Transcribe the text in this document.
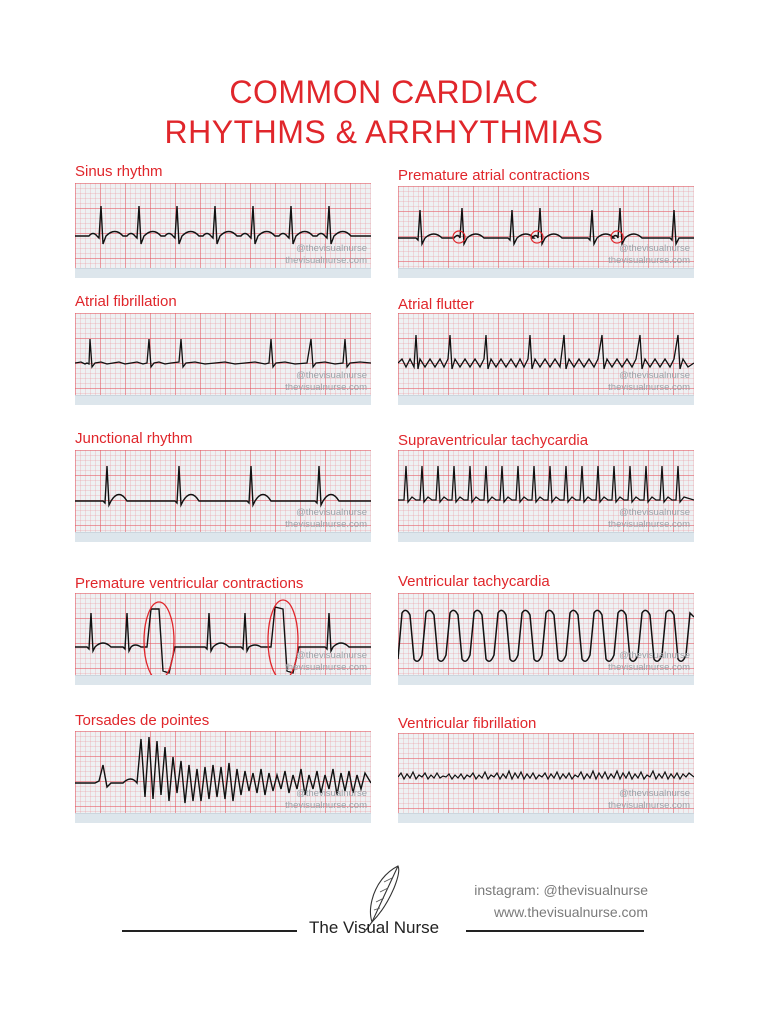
COMMON CARDIAC
RHYTHMS & ARRHYTHMIAS
Sinus rhythm
@thevisualnurse
thevisualnurse.com
Premature atrial contractions
@thevisualnurse
thevisualnurse.com
Atrial fibrillation
@thevisualnurse
thevisualnurse.com
Atrial flutter
@thevisualnurse
thevisualnurse.com
Junctional rhythm
@thevisualnurse
thevisualnurse.com
Supraventricular tachycardia
@thevisualnurse
thevisualnurse.com
Premature ventricular contractions
@thevisualnurse
thevisualnurse.com
Ventricular tachycardia
@thevisualnurse
thevisualnurse.com
Torsades de pointes
@thevisualnurse
thevisualnurse.com
Ventricular fibrillation
@thevisualnurse
thevisualnurse.com
instagram: @thevisualnurse
www.thevisualnurse.com
The Visual Nurse
